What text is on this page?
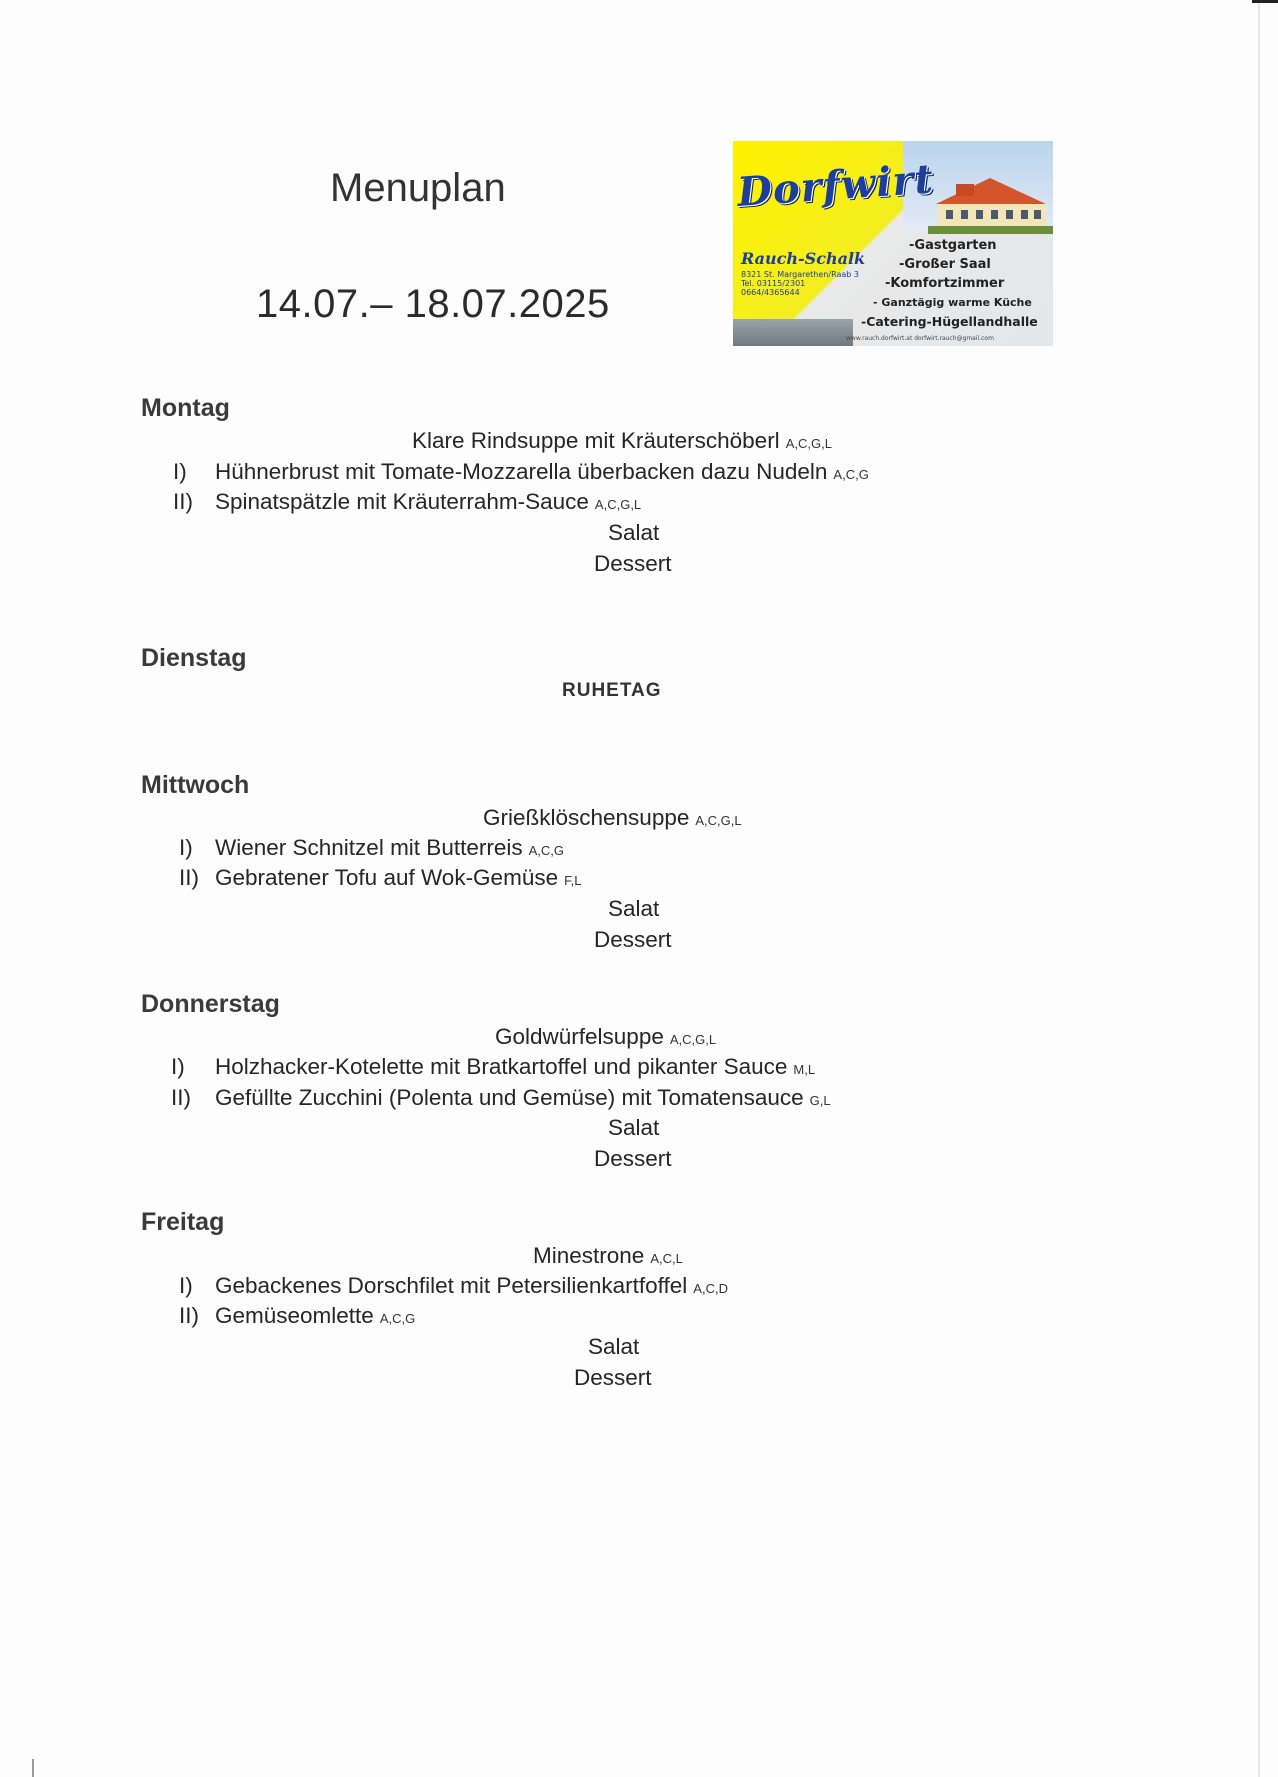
Menuplan
14.07.– 18.07.2025
Dorfwirt
Rauch-Schalk
8321 St. Margarethen/Raab 3
Tel. 03115/2301
0664/4365644
-Gastgarten
-Großer Saal
-Komfortzimmer
- Ganztägig warme Küche
-Catering-Hügellandhalle
www.rauch.dorfwirt.at dorfwirt.rauch@gmail.com
Montag
Klare Rindsuppe mit Kräuterschöberl A,C,G,L
I) Hühnerbrust mit Tomate-Mozzarella überbacken dazu Nudeln A,C,G
II) Spinatspätzle mit Kräuterrahm-Sauce A,C,G,L
Salat
Dessert
Dienstag
RUHETAG
Mittwoch
Grießklöschensuppe A,C,G,L
I) Wiener Schnitzel mit Butterreis A,C,G
II) Gebratener Tofu auf Wok-Gemüse F,L
Salat
Dessert
Donnerstag
Goldwürfelsuppe A,C,G,L
I) Holzhacker-Kotelette mit Bratkartoffel und pikanter Sauce M,L
II) Gefüllte Zucchini (Polenta und Gemüse) mit Tomatensauce G,L
Salat
Dessert
Freitag
Minestrone A,C,L
I) Gebackenes Dorschfilet mit Petersilienkartfoffel A,C,D
II) Gemüseomlette A,C,G
Salat
Dessert
